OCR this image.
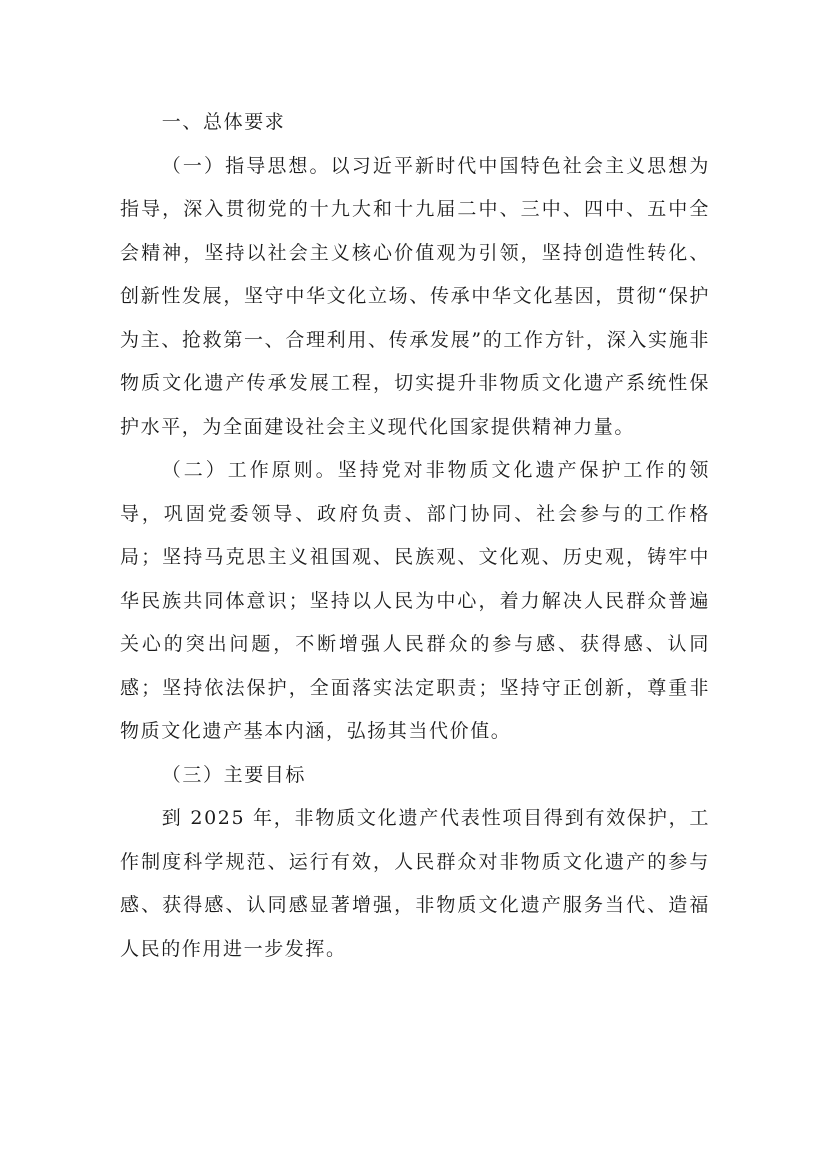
一、总体要求

（一）指导思想。以习近平新时代中国特色社会主义思想为指导，深入贯彻党的十九大和十九届二中、三中、四中、五中全会精神，坚持以社会主义核心价值观为引领，坚持创造性转化、创新性发展，坚守中华文化立场、传承中华文化基因，贯彻“保护为主、抢救第一、合理利用、传承发展”的工作方针，深入实施非物质文化遗产传承发展工程，切实提升非物质文化遗产系统性保护水平，为全面建设社会主义现代化国家提供精神力量。

（二）工作原则。坚持党对非物质文化遗产保护工作的领导，巩固党委领导、政府负责、部门协同、社会参与的工作格局；坚持马克思主义祖国观、民族观、文化观、历史观，铸牢中华民族共同体意识；坚持以人民为中心，着力解决人民群众普遍关心的突出问题，不断增强人民群众的参与感、获得感、认同感；坚持依法保护，全面落实法定职责；坚持守正创新，尊重非物质文化遗产基本内涵，弘扬其当代价值。

（三）主要目标

到 2025 年，非物质文化遗产代表性项目得到有效保护，工作制度科学规范、运行有效，人民群众对非物质文化遗产的参与感、获得感、认同感显著增强，非物质文化遗产服务当代、造福人民的作用进一步发挥。
